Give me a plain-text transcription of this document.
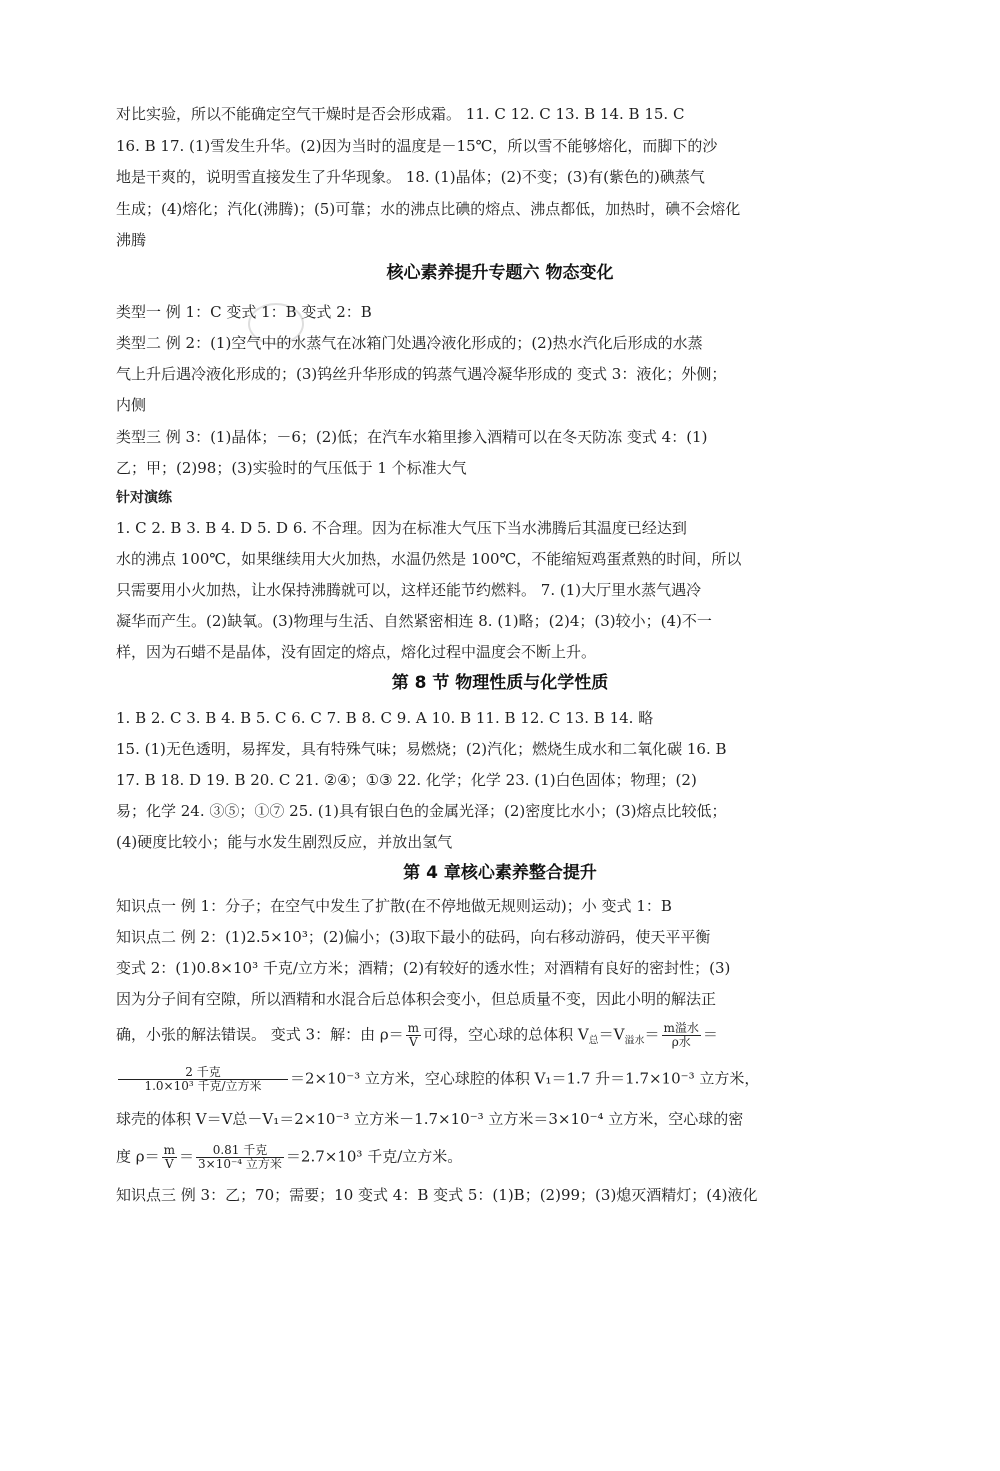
对比实验，所以不能确定空气干燥时是否会形成霜。 11. C 12. C 13. B 14. B 15. C
16. B 17. (1)雪发生升华。(2)因为当时的温度是－15℃，所以雪不能够熔化，而脚下的沙
地是干爽的，说明雪直接发生了升华现象。 18. (1)晶体；(2)不变；(3)有(紫色的)碘蒸气
生成；(4)熔化；汽化(沸腾)；(5)可靠；水的沸点比碘的熔点、沸点都低，加热时，碘不会熔化
沸腾
核心素养提升专题六 物态变化
类型一 例 1：C 变式 1：B 变式 2：B
类型二 例 2：(1)空气中的水蒸气在冰箱门处遇冷液化形成的；(2)热水汽化后形成的水蒸
气上升后遇冷液化形成的；(3)钨丝升华形成的钨蒸气遇冷凝华形成的 变式 3：液化；外侧；
内侧
类型三 例 3：(1)晶体；－6；(2)低；在汽车水箱里掺入酒精可以在冬天防冻 变式 4：(1)
乙；甲；(2)98；(3)实验时的气压低于 1 个标准大气
针对演练
1. C 2. B 3. B 4. D 5. D 6. 不合理。因为在标准大气压下当水沸腾后其温度已经达到
水的沸点 100℃，如果继续用大火加热，水温仍然是 100℃，不能缩短鸡蛋煮熟的时间，所以
只需要用小火加热，让水保持沸腾就可以，这样还能节约燃料。 7. (1)大厅里水蒸气遇冷
凝华而产生。(2)缺氧。(3)物理与生活、自然紧密相连 8. (1)略；(2)4；(3)较小；(4)不一
样，因为石蜡不是晶体，没有固定的熔点，熔化过程中温度会不断上升。
第 8 节 物理性质与化学性质
1. B 2. C 3. B 4. B 5. C 6. C 7. B 8. C 9. A 10. B 11. B 12. C 13. B 14. 略
15. (1)无色透明，易挥发，具有特殊气味；易燃烧；(2)汽化；燃烧生成水和二氧化碳 16. B
17. B 18. D 19. B 20. C 21. ②④；①③ 22. 化学；化学 23. (1)白色固体；物理；(2)
易；化学 24. ③⑤；①⑦ 25. (1)具有银白色的金属光泽；(2)密度比水小；(3)熔点比较低；
(4)硬度比较小；能与水发生剧烈反应，并放出氢气
第 4 章核心素养整合提升
知识点一 例 1：分子；在空气中发生了扩散(在不停地做无规则运动)；小 变式 1：B
知识点二 例 2：(1)2.5×10³；(2)偏小；(3)取下最小的砝码，向右移动游码，使天平平衡
变式 2：(1)0.8×10³ 千克/立方米；酒精；(2)有较好的透水性；对酒精有良好的密封性；(3)
因为分子间有空隙，所以酒精和水混合后总体积会变小，但总质量不变，因此小明的解法正
确，小张的解法错误。 变式 3：解：由 $\rho= \frac{m}{V}$ 可得，空心球的总体积 $V_总=V_{溢水}= \frac{\text{m溢水}}{\text{ρ水}}$ ＝
$\frac{\text{2 千克}}{\text{1.0×10³ 千克/立方米}} =2\times 10^{-3}$ 立方米，空心球腔的体积 V₁＝1.7 升＝1.7×10⁻³ 立方米，
球壳的体积 V＝V总－V₁＝2×10⁻³ 立方米－1.7×10⁻³ 立方米＝3×10⁻⁴ 立方米，空心球的密
度 $\rho= \frac{m}{V} = \frac{\text{0.81 千克}}{\text{3×10⁻⁴ 立方米}} =2.7\times 10^3$ 千克/立方米。
知识点三 例 3：乙；70；需要；10 变式 4：B 变式 5：(1)B；(2)99；(3)熄灭酒精灯；(4)液化
